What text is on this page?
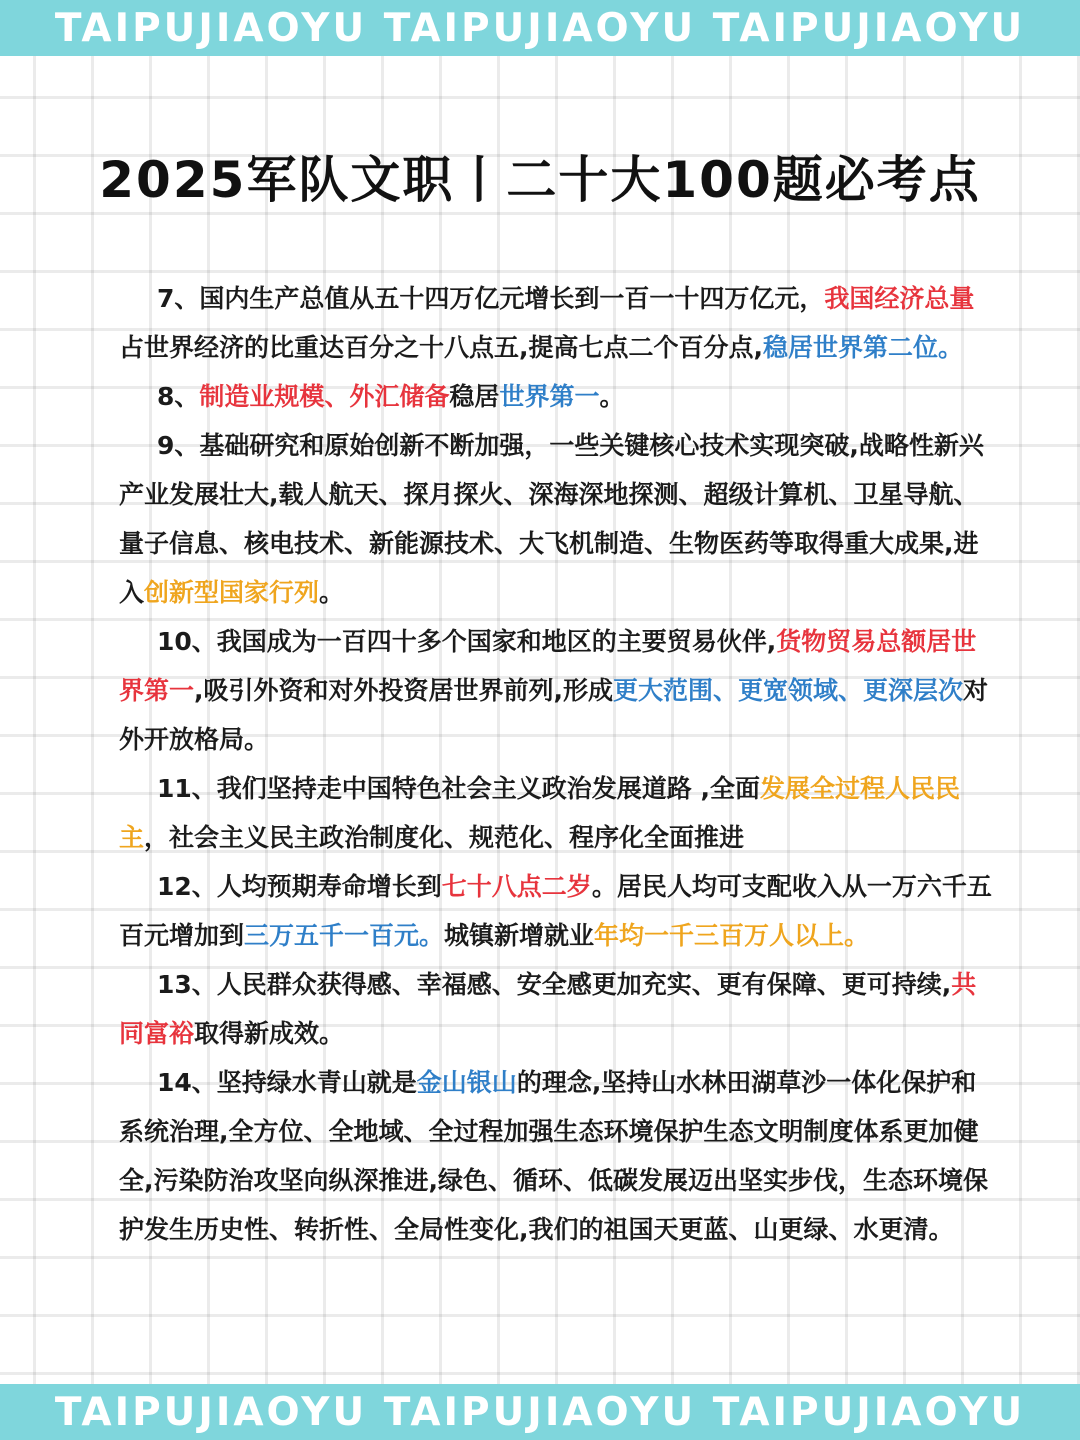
TAIPUJIAOYU TAIPUJIAOYU TAIPUJIAOYU
2025军队文职丨二十大100题必考点

7、国内生产总值从五十四万亿元增长到一百一十四万亿元，我国经济总量占世界经济的比重达百分之十八点五,提高七点二个百分点,稳居世界第二位。

8、制造业规模、外汇储备稳居世界第一。

9、基础研究和原始创新不断加强，一些关键核心技术实现突破,战略性新兴产业发展壮大,载人航天、探月探火、深海深地探测、超级计算机、卫星导航、量子信息、核电技术、新能源技术、大飞机制造、生物医药等取得重大成果,进入创新型国家行列。

10、我国成为一百四十多个国家和地区的主要贸易伙伴,货物贸易总额居世界第一,吸引外资和对外投资居世界前列,形成更大范围、更宽领域、更深层次对外开放格局。

11、我们坚持走中国特色社会主义政治发展道路 ,全面发展全过程人民民主，社会主义民主政治制度化、规范化、程序化全面推进

12、人均预期寿命增长到七十八点二岁。居民人均可支配收入从一万六千五百元增加到三万五千一百元。城镇新增就业年均一千三百万人以上。

13、人民群众获得感、幸福感、安全感更加充实、更有保障、更可持续,共同富裕取得新成效。

14、坚持绿水青山就是金山银山的理念,坚持山水林田湖草沙一体化保护和系统治理,全方位、全地域、全过程加强生态环境保护生态文明制度体系更加健全,污染防治攻坚向纵深推进,绿色、循环、低碳发展迈出坚实步伐，生态环境保护发生历史性、转折性、全局性变化,我们的祖国天更蓝、山更绿、水更清。

TAIPUJIAOYU TAIPUJIAOYU TAIPUJIAOYU
